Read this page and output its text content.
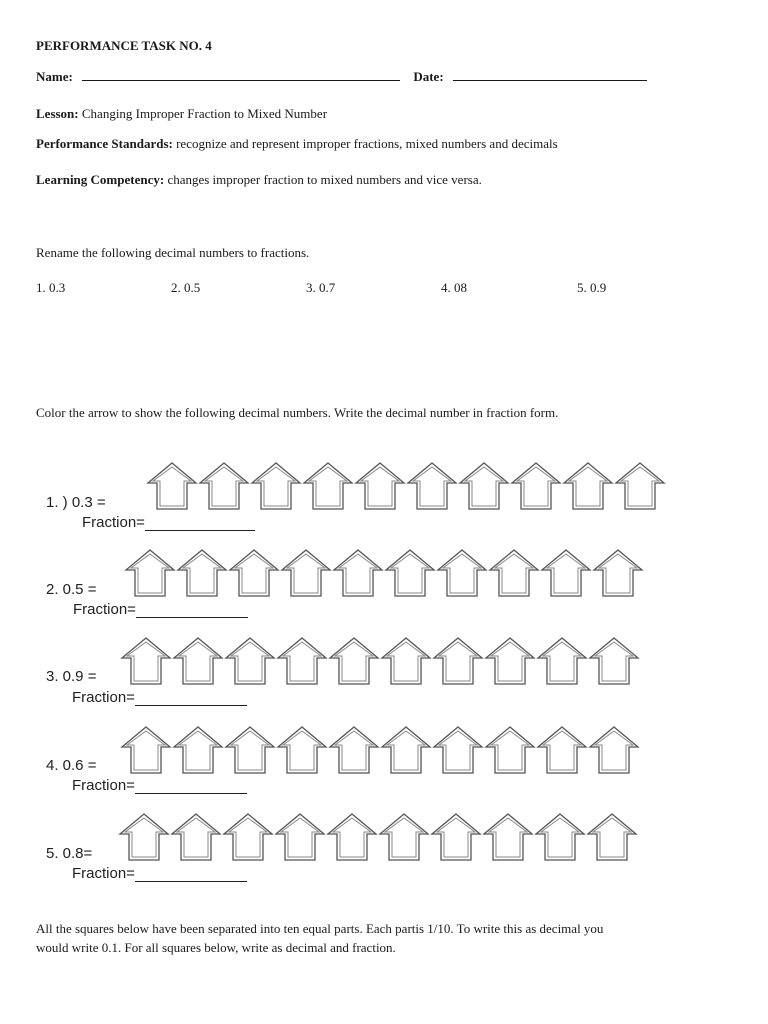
PERFORMANCE TASK NO. 4
Name:	Date:
Lesson: Changing Improper Fraction to Mixed Number
Performance Standards: recognize and represent improper fractions, mixed numbers and decimals
Learning Competency: changes improper fraction to mixed numbers and vice versa.
Rename the following decimal numbers to fractions.
1. 0.3	2. 0.5	3. 0.7	4. 08	5. 0.9
Color the arrow to show the following decimal numbers. Write the decimal number in fraction form.
1. ) 0.3 =
Fraction=
2. 0.5 =
Fraction=
3. 0.9 =
Fraction=
4. 0.6 =
Fraction=
5. 0.8=
Fraction=
All the squares below have been separated into ten equal parts. Each partis 1/10. To write this as decimal you
would write 0.1. For all squares below, write as decimal and fraction.
